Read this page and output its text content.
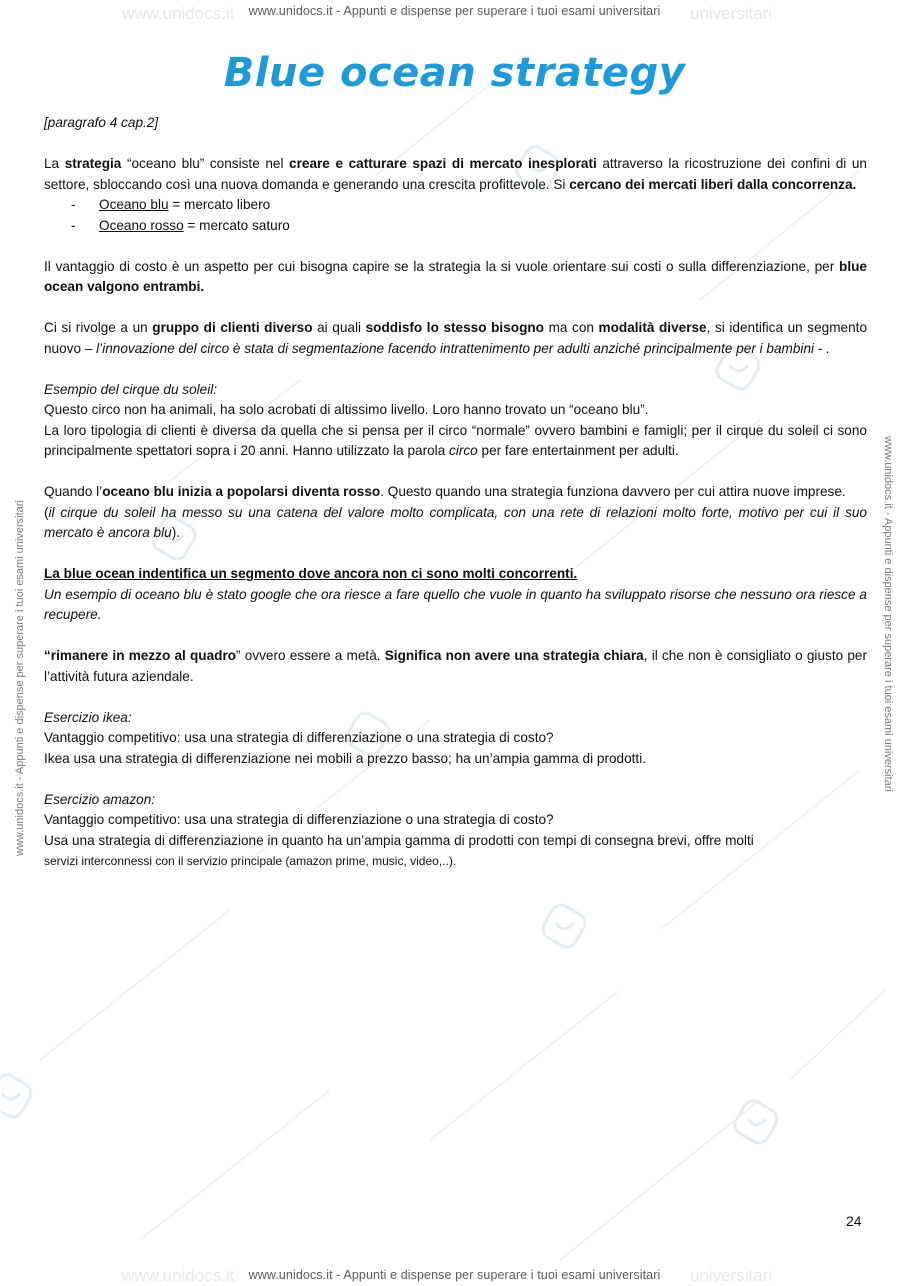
www.unidocs.it	universitari
www.unidocs.it	universitari
www.unidocs.it - Appunti e dispense per superare i tuoi esami universitari
www.unidocs.it - Appunti e dispense per superare i tuoi esami universitari
www.unidocs.it - Appunti e dispense per superare i tuoi esami universitari	www.unidocs.it - Appunti e dispense per superare i tuoi esami universitari
Blue ocean strategy

[paragrafo 4 cap.2]

La strategia “oceano blu” consiste nel creare e catturare spazi di mercato inesplorati attraverso la ricostruzione dei confini di un settore, sbloccando così una nuova domanda e generando una crescita profittevole. Si cercano dei mercati liberi dalla concorrenza.

- Oceano blu = mercato libero
- Oceano rosso = mercato saturo

Il vantaggio di costo è un aspetto per cui bisogna capire se la strategia la si vuole orientare sui costi o sulla differenziazione, per blue ocean valgono entrambi.

Ci si rivolge a un gruppo di clienti diverso ai quali soddisfo lo stesso bisogno ma con modalità diverse, si identifica un segmento nuovo – l’innovazione del circo è stata di segmentazione facendo intrattenimento per adulti anziché principalmente per i bambini - .

Esempio del cirque du soleil:

Questo circo non ha animali, ha solo acrobati di altissimo livello. Loro hanno trovato un “oceano blu”.

La loro tipologia di clienti è diversa da quella che si pensa per il circo “normale” ovvero bambini e famigli; per il cirque du soleil ci sono principalmente spettatori sopra i 20 anni. Hanno utilizzato la parola circo per fare entertainment per adulti.

Quando l’oceano blu inizia a popolarsi diventa rosso. Questo quando una strategia funziona davvero per cui attira nuove imprese.

(il cirque du soleil ha messo su una catena del valore molto complicata, con una rete di relazioni molto forte, motivo per cui il suo mercato è ancora blu).

La blue ocean indentifica un segmento dove ancora non ci sono molti concorrenti.

Un esempio di oceano blu è stato google che ora riesce a fare quello che vuole in quanto ha sviluppato risorse che nessuno ora riesce a recupere.

“rimanere in mezzo al quadro” ovvero essere a metà. Significa non avere una strategia chiara, il che non è consigliato o giusto per l’attività futura aziendale.

Esercizio ikea:

Vantaggio competitivo: usa una strategia di differenziazione o una strategia di costo?

Ikea usa una strategia di differenziazione nei mobili a prezzo basso; ha un’ampia gamma di prodotti.

Esercizio amazon:

Vantaggio competitivo: usa una strategia di differenziazione o una strategia di costo?

Usa una strategia di differenziazione in quanto ha un’ampia gamma di prodotti con tempi di consegna brevi, offre molti

servizi interconnessi con il servizio principale (amazon prime, music, video,..).

24
